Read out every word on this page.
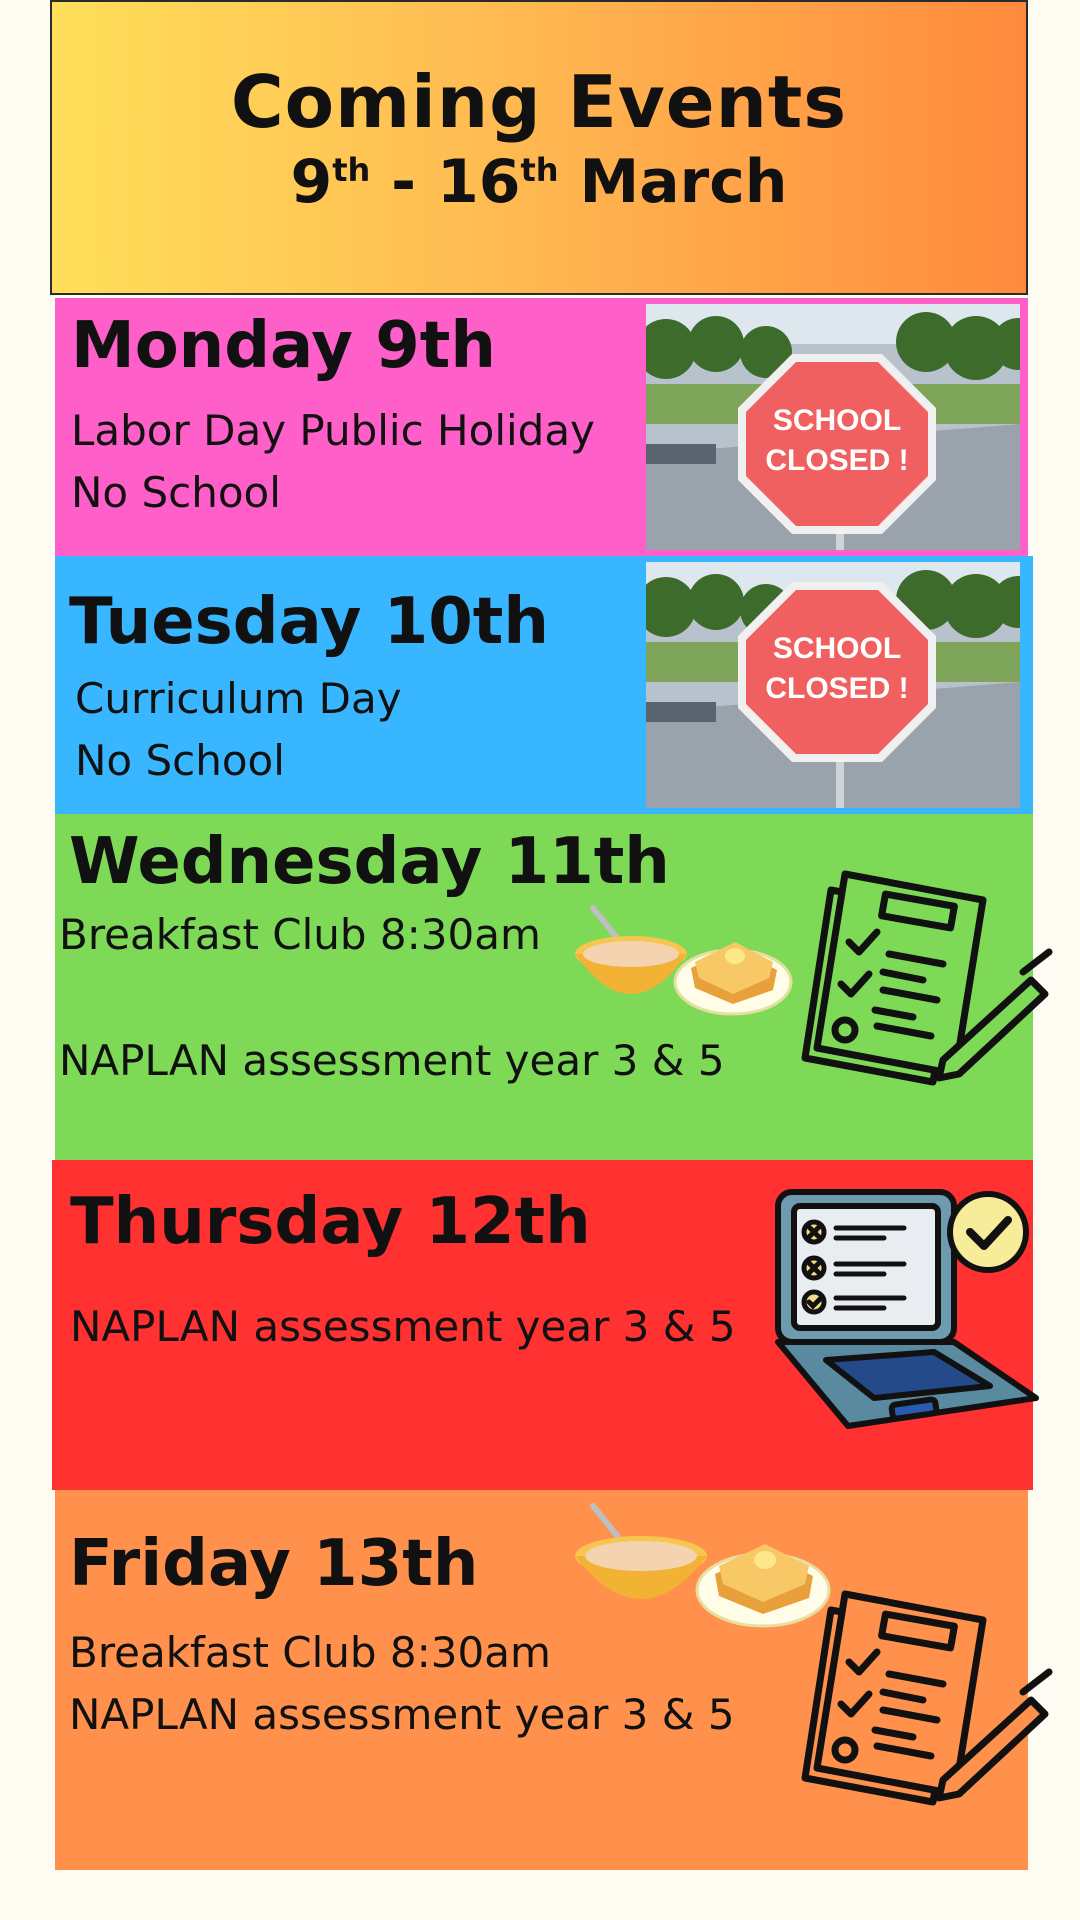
Coming Events
9th - 16th March
Monday 9th
Labor Day Public Holiday
No School
SCHOOL
CLOSED !
Tuesday 10th
Curriculum Day
No School
SCHOOL
CLOSED !
Wednesday 11th
Breakfast Club 8:30am
NAPLAN assessment year 3 & 5
Thursday 12th
NAPLAN assessment year 3 & 5
Friday 13th
Breakfast Club 8:30am
NAPLAN assessment year 3 & 5
